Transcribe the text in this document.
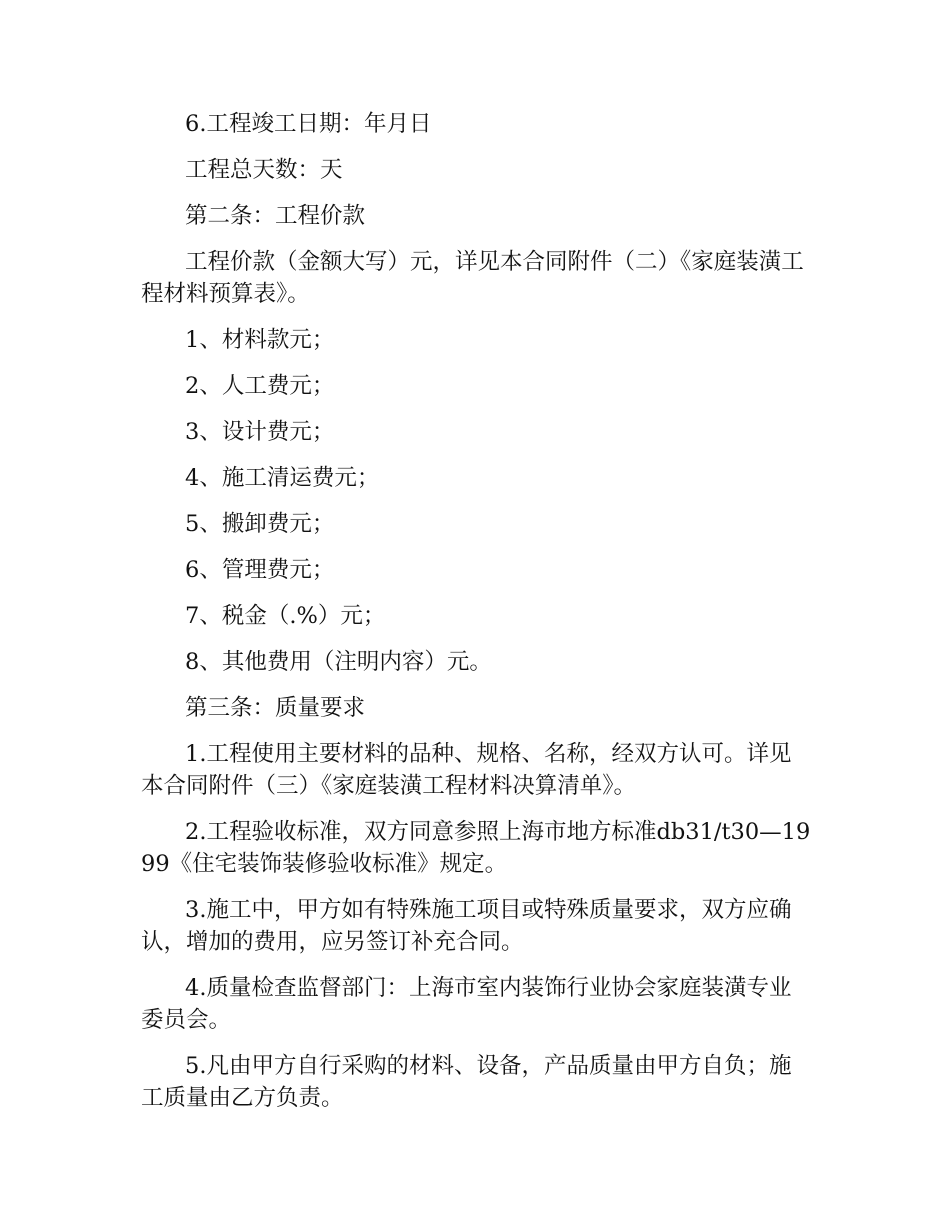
6.工程竣工日期：年月日

工程总天数：天

第二条：工程价款

工程价款（金额大写）元，详见本合同附件（二）《家庭装潢工程材料预算表》。

1、材料款元；

2、人工费元；

3、设计费元；

4、施工清运费元；

5、搬卸费元；

6、管理费元；

7、税金（.%）元；

8、其他费用（注明内容）元。

第三条：质量要求

1.工程使用主要材料的品种、规格、名称，经双方认可。详见本合同附件（三）《家庭装潢工程材料决算清单》。

2.工程验收标准，双方同意参照上海市地方标准db31/t30—1999《住宅装饰装修验收标准》规定。

3.施工中，甲方如有特殊施工项目或特殊质量要求，双方应确认，增加的费用，应另签订补充合同。

4.质量检查监督部门：上海市室内装饰行业协会家庭装潢专业委员会。

5.凡由甲方自行采购的材料、设备，产品质量由甲方自负；施工质量由乙方负责。
